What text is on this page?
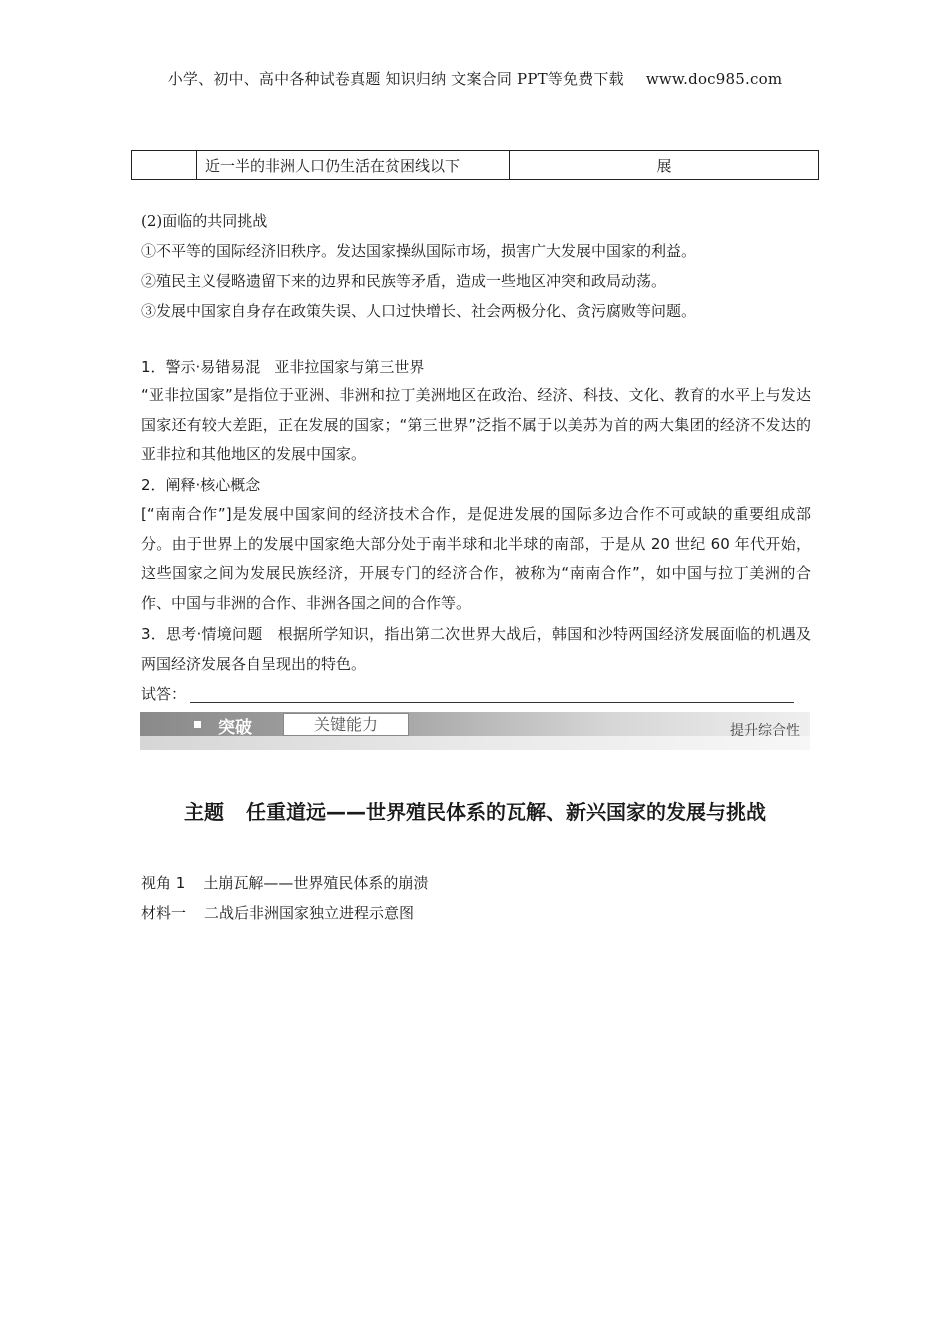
小学、初中、高中各种试卷真题 知识归纳 文案合同 PPT等免费下载 www.doc985.com
	近一半的非洲人口仍生活在贫困线以下	展
(2)面临的共同挑战
①不平等的国际经济旧秩序。发达国家操纵国际市场，损害广大发展中国家的利益。
②殖民主义侵略遗留下来的边界和民族等矛盾，造成一些地区冲突和政局动荡。
③发展中国家自身存在政策失误、人口过快增长、社会两极分化、贪污腐败等问题。
1．警示·易错易混 亚非拉国家与第三世界
“亚非拉国家”是指位于亚洲、非洲和拉丁美洲地区在政治、经济、科技、文化、教育的水平上与发达国家还有较大差距，正在发展的国家；“第三世界”泛指不属于以美苏为首的两大集团的经济不发达的亚非拉和其他地区的发展中国家。
2．阐释·核心概念
[“南南合作”]是发展中国家间的经济技术合作，是促进发展的国际多边合作不可或缺的重要组成部分。由于世界上的发展中国家绝大部分处于南半球和北半球的南部，于是从 20 世纪 60 年代开始，这些国家之间为发展民族经济，开展专门的经济合作，被称为“南南合作”，如中国与拉丁美洲的合作、中国与非洲的合作、非洲各国之间的合作等。
3．思考·情境问题 根据所学知识，指出第二次世界大战后，韩国和沙特两国经济发展面临的机遇及两国经济发展各自呈现出的特色。
试答：
突破	关键能力	提升综合性
主题 任重道远——世界殖民体系的瓦解、新兴国家的发展与挑战
视角 1 土崩瓦解——世界殖民体系的崩溃
材料一 二战后非洲国家独立进程示意图
